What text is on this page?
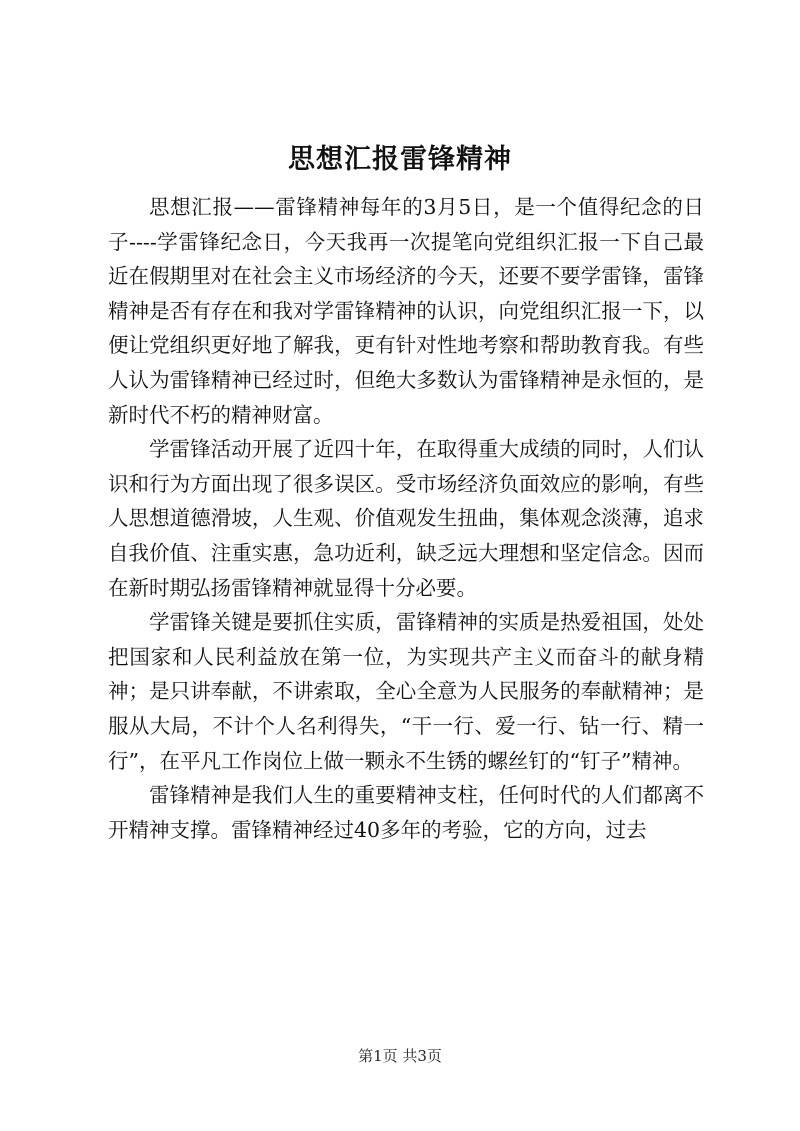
思想汇报雷锋精神

思想汇报——雷锋精神每年的3月5日，是一个值得纪念的日子----学雷锋纪念日，今天我再一次提笔向党组织汇报一下自己最近在假期里对在社会主义市场经济的今天，还要不要学雷锋，雷锋精神是否有存在和我对学雷锋精神的认识，向党组织汇报一下，以便让党组织更好地了解我，更有针对性地考察和帮助教育我。有些人认为雷锋精神已经过时，但绝大多数认为雷锋精神是永恒的，是新时代不朽的精神财富。

学雷锋活动开展了近四十年，在取得重大成绩的同时，人们认识和行为方面出现了很多误区。受市场经济负面效应的影响，有些人思想道德滑坡，人生观、价值观发生扭曲，集体观念淡薄，追求自我价值、注重实惠，急功近利，缺乏远大理想和坚定信念。因而在新时期弘扬雷锋精神就显得十分必要。

学雷锋关键是要抓住实质，雷锋精神的实质是热爱祖国，处处把国家和人民利益放在第一位，为实现共产主义而奋斗的献身精神；是只讲奉献，不讲索取，全心全意为人民服务的奉献精神；是服从大局，不计个人名利得失，“干一行、爱一行、钻一行、精一行”，在平凡工作岗位上做一颗永不生锈的螺丝钉的“钉子”精神。

雷锋精神是我们人生的重要精神支柱，任何时代的人们都离不开精神支撑。雷锋精神经过40多年的考验，它的方向，过去

第1页 共3页
